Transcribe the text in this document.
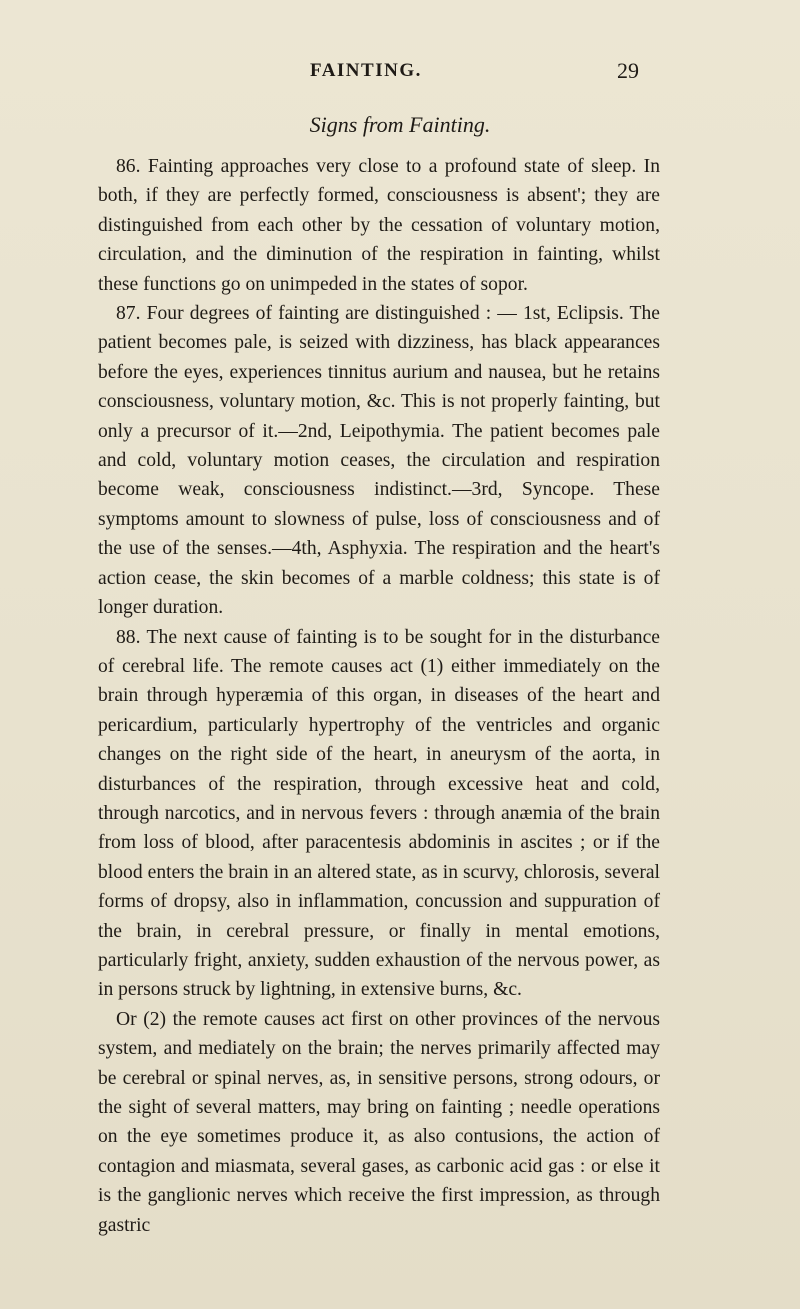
FAINTING.	29
Signs from Fainting.

86. Fainting approaches very close to a profound state of sleep. In both, if they are perfectly formed, consciousness is absent'; they are distinguished from each other by the cessation of voluntary motion, circulation, and the diminution of the respiration in fainting, whilst these functions go on unimpeded in the states of sopor.

87. Four degrees of fainting are distinguished : — 1st, Eclipsis. The patient becomes pale, is seized with dizziness, has black appearances before the eyes, experiences tinnitus aurium and nausea, but he retains consciousness, voluntary motion, &c. This is not properly fainting, but only a precursor of it.—2nd, Leipothymia. The patient becomes pale and cold, voluntary motion ceases, the circulation and respiration become weak, consciousness indistinct.—3rd, Syncope. These symptoms amount to slowness of pulse, loss of consciousness and of the use of the senses.—4th, Asphyxia. The respiration and the heart's action cease, the skin becomes of a marble coldness; this state is of longer duration.

88. The next cause of fainting is to be sought for in the disturbance of cerebral life. The remote causes act (1) either immediately on the brain through hyperæmia of this organ, in diseases of the heart and pericardium, particularly hypertrophy of the ventricles and organic changes on the right side of the heart, in aneurysm of the aorta, in disturbances of the respiration, through excessive heat and cold, through narcotics, and in nervous fevers : through anæmia of the brain from loss of blood, after paracentesis abdominis in ascites ; or if the blood enters the brain in an altered state, as in scurvy, chlorosis, several forms of dropsy, also in inflammation, concussion and suppuration of the brain, in cerebral pressure, or finally in mental emotions, particularly fright, anxiety, sudden exhaustion of the nervous power, as in persons struck by lightning, in extensive burns, &c.

Or (2) the remote causes act first on other provinces of the nervous system, and mediately on the brain; the nerves primarily affected may be cerebral or spinal nerves, as, in sensitive persons, strong odours, or the sight of several matters, may bring on fainting ; needle operations on the eye sometimes produce it, as also contusions, the action of contagion and miasmata, several gases, as carbonic acid gas : or else it is the ganglionic nerves which receive the first impression, as through gastric
